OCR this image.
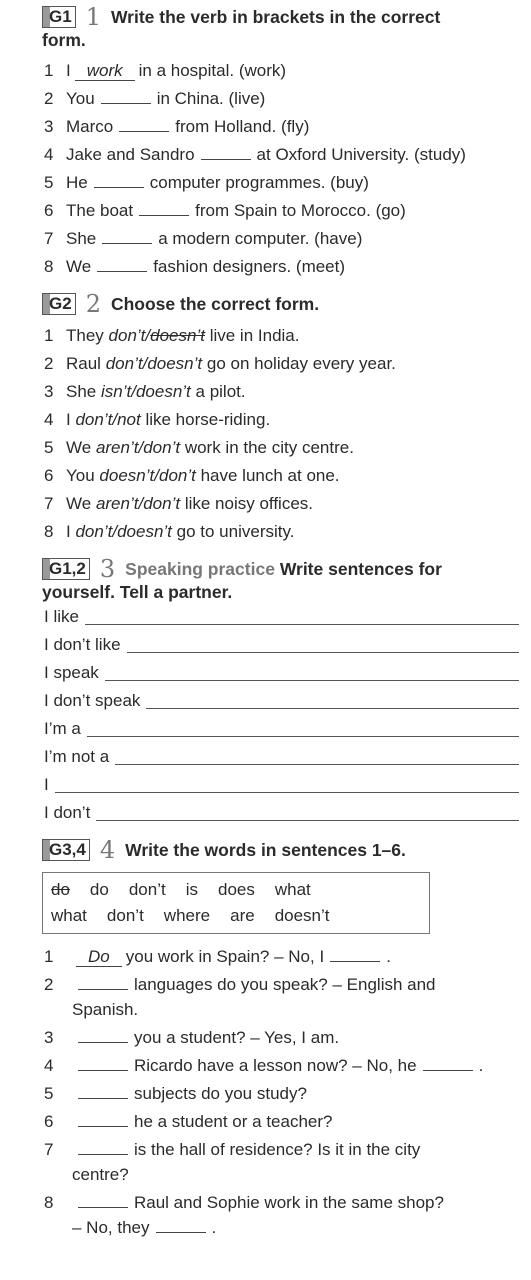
G1 1 Write the verb in brackets in the correct
form.
1 I work in a hospital. (work)
2 You	in China. (live)
3 Marco	from Holland. (fly)
4 Jake and Sandro	at Oxford University. (study)
5 He	computer programmes. (buy)
6 The boat	from Spain to Morocco. (go)
7 She	a modern computer. (have)
8 We	fashion designers. (meet)
G2 2 Choose the correct form.
1 They don’t/doesn’t live in India.
2 Raul don’t/doesn’t go on holiday every year.
3 She isn’t/doesn’t a pilot.
4 I don’t/not like horse-riding.
5 We aren’t/don’t work in the city centre.
6 You doesn’t/don’t have lunch at one.
7 We aren’t/don’t like noisy offices.
8 I don’t/doesn’t go to university.
G1,2 3 Speaking practice Write sentences for
yourself. Tell a partner.
I like
I don’t like
I speak
I don’t speak
I’m a
I’m not a
I
I don’t
G3,4 4 Write the words in sentences 1–6.
do do don’t is does what
what don’t where are doesn’t
1	Do you work in Spain? – No, I	.
2	languages do you speak? – English and
Spanish.
3	you a student? – Yes, I am.
4	Ricardo have a lesson now? – No, he	.
5	subjects do you study?
6	he a student or a teacher?
7	is the hall of residence? Is it in the city
centre?
8	Raul and Sophie work in the same shop?
– No, they	.
